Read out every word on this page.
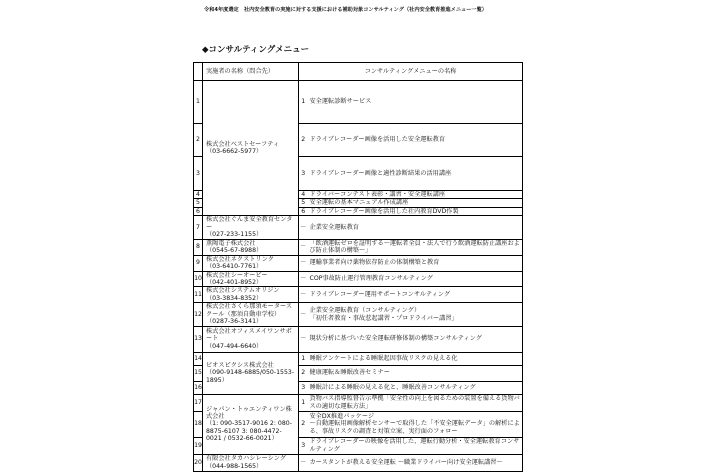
令和4年度選定　社内安全教育の実施に対する支援における補助対象コンサルティング（社内安全教育推進メニュー一覧）
◆コンサルティングメニュー
	実施者の名称（問合先）	コンサルティングメニューの名称	
1	株式会社ベストセーフティ
（03-6662-5977）	1	安全運転診断サービス
2		2	ドライブレコーダー画像を活用した安全運転教育
3		3	ドライブレコーダー画像と適性診断結果の活用講座
4		4	ドライバーコンテスト表彰・講習・安全運転講座
5		5	安全運転の基本マニュアル作成講座
6		6	ドライブレコーダー画像を活用した社内教育DVD作製
7	株式会社ぐんま安全教育センター
（027-233-1155）	－	企業安全運転教育
8	薫陶電子株式会社
（0545-67-8988）	－	「飲酒運転ゼロを証明する～運転者全員・法人で行う飲酒運転防止講座および防止体制の構築～」
9	株式会社ネクストリンク
（03-6410-7761）	－	運輸事業者向け薬物依存防止の体制構築と教育
10	株式会社シーオービー
（042-401-8952）	－	COP事故防止運行管理教育コンサルティング
11	株式会社システムオリジン
（03-3834-8352）	－	ドライブレコーダー運用サポートコンサルティング
12	株式会社さくら那須モータースクール（那須自動車学校）
（0287-36-3141）	－	企業安全運転教育（コンサルティング）
「初任者教育・事故惹起講習・プロドライバー講習」
13	株式会社オフィスメイワンサポート
（047-494-6640）	－	現状分析に基づいた安全運転研修体制の構築コンサルティング
14	ビオスピクシス株式会社
（090-9148-6885/050-1553-1895）	1	睡眠アンケートによる睡眠起因事故リスクの見える化
15		2	健康運転＆睡眠改善セミナー
16		3	睡眠計による睡眠の見える化と、睡眠改善コンサルティング
17	ジャパン・トゥエンティワン株式会社
（1: 090-3517-9016 2: 080-8875-6107 3: 080-4472-0021 / 0532-66-0021）	1	貨物バス指導監督告示準拠「安全性の向上を図るための装置を備える貨物バスの適切な運転方法」
18		2	安全DX推進パッケージ
～自動運転用画像解析センサーで取得した「不安全運転データ」の解析による、事故リスクの調査と対策立案、実行面のフォロー
19		3	ドライブレコーダーの映像を活用した、運転行動分析・安全運転教育コンサルティング
20	有限会社タカハシレーシング
（044-988-1565）	－	カースタントが教える安全運転 ～職業ドライバー向け安全運転講習～
